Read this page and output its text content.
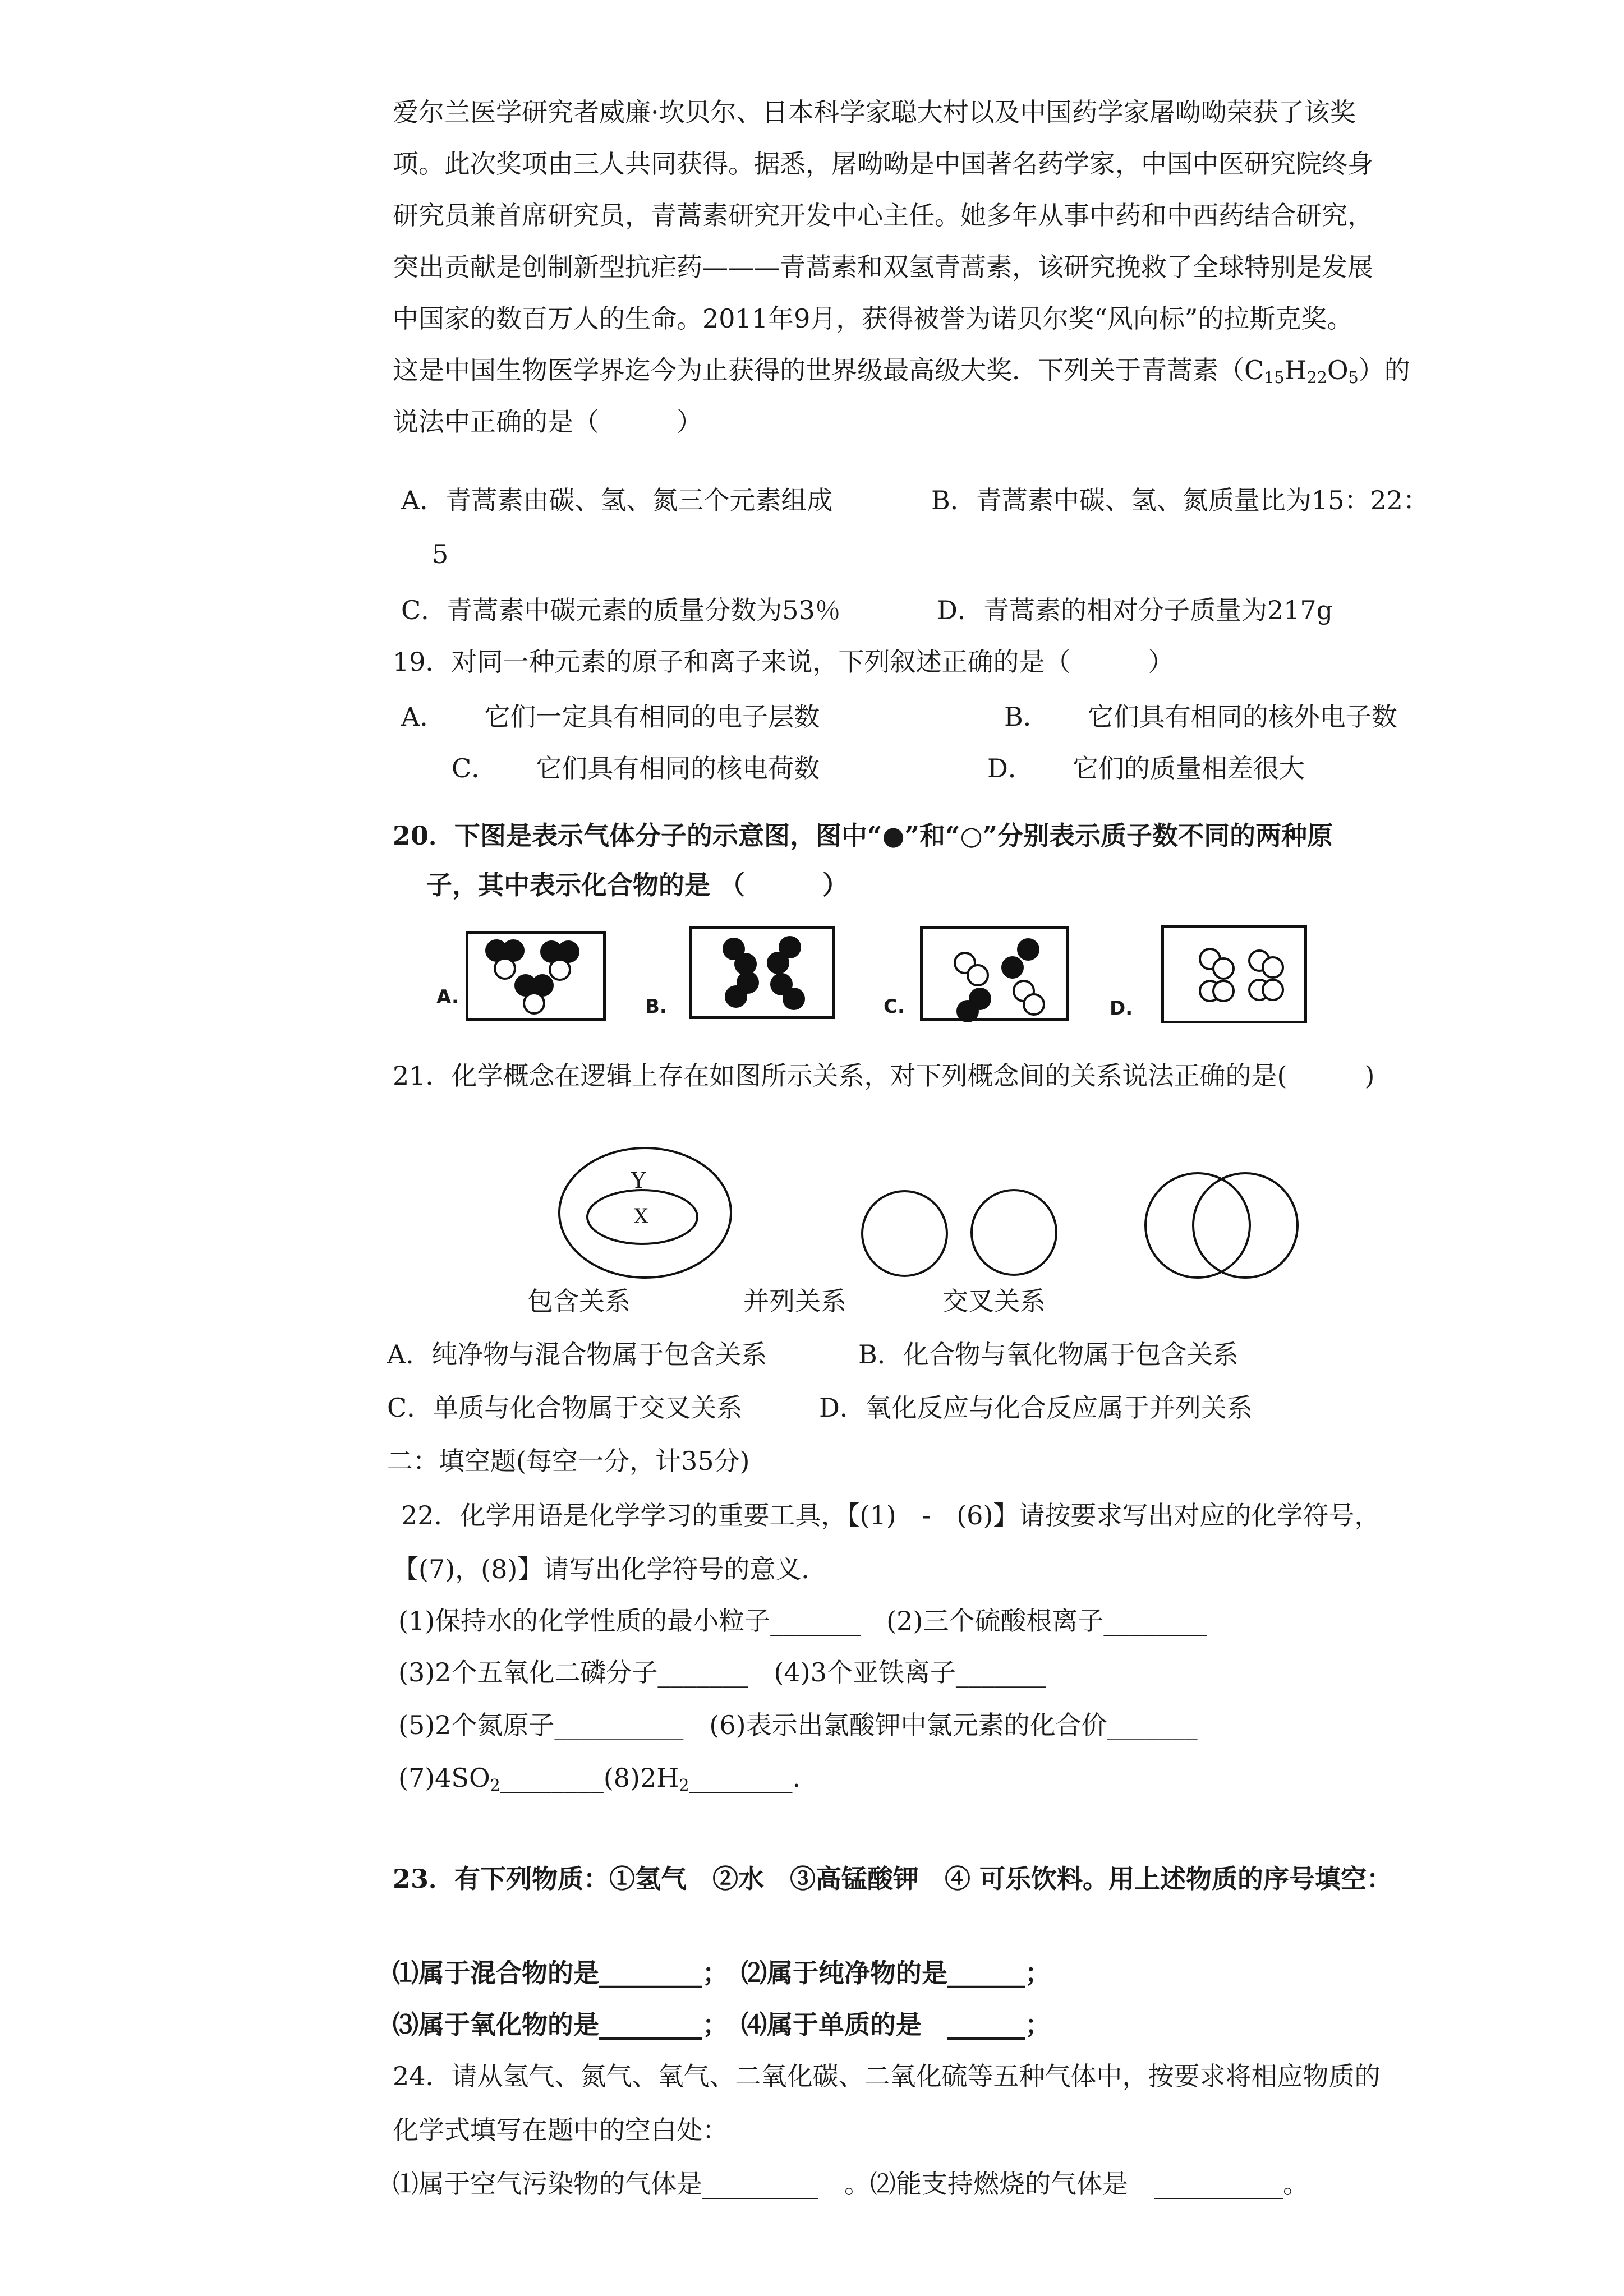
爱尔兰医学研究者威廉·坎贝尔、日本科学家聪大村以及中国药学家屠呦呦荣获了该奖
项。此次奖项由三人共同获得。据悉，屠呦呦是中国著名药学家，中国中医研究院终身
研究员兼首席研究员，青蒿素研究开发中心主任。她多年从事中药和中西药结合研究，
突出贡献是创制新型抗疟药———青蒿素和双氢青蒿素，该研究挽救了全球特别是发展
中国家的数百万人的生命。2011年9月，获得被誉为诺贝尔奖“风向标”的拉斯克奖。
这是中国生物医学界迄今为止获得的世界级最高级大奖．下列关于青蒿素$(C_{15}H_{22}O_5)$的
说法中正确的是（　　　）
A．青蒿素由碳、氢、氮三个元素组成	B．青蒿素中碳、氢、氮质量比为15：22：
5
C．青蒿素中碳元素的质量分数为53％	D．青蒿素的相对分子质量为217g
19．对同一种元素的原子和离子来说，下列叙述正确的是（　　　）
A．　　它们一定具有相同的电子层数	B．　　它们具有相同的核外电子数
C．　　它们具有相同的核电荷数	D．　　它们的质量相差很大
20．下图是表示气体分子的示意图，图中“●”和“○”分别表示质子数不同的两种原
子，其中表示化合物的是 （　　　）
A.	B.	C.	D.
21．化学概念在逻辑上存在如图所示关系，对下列概念间的关系说法正确的是(　　　)
Y
X
包含关系	并列关系	交叉关系
A．纯净物与混合物属于包含关系	B．化合物与氧化物属于包含关系
C．单质与化合物属于交叉关系	D．氧化反应与化合反应属于并列关系
二：填空题(每空一分，计35分)
22．化学用语是化学学习的重要工具，【(1)　-　(6)】请按要求写出对应的化学符号，
【(7)，(8)】请写出化学符号的意义．
(1)保持水的化学性质的最小粒子_______　(2)三个硫酸根离子________
(3)2个五氧化二磷分子_______　(4)3个亚铁离子_______
(5)2个氮原子__________　(6)表示出氯酸钾中氯元素的化合价_______
$(7)4SO_2\_\_\_\_\_\_\_\_(8)2H_2\_\_\_\_\_\_\_\_$.
23．有下列物质：①氢气　②水　③高锰酸钾　④ 可乐饮料。用上述物质的序号填空：
⑴属于混合物的是________；　⑵属于纯净物的是______；
⑶属于氧化物的是________；　⑷属于单质的是　______；
24．请从氢气、氮气、氧气、二氧化碳、二氧化硫等五种气体中，按要求将相应物质的
化学式填写在题中的空白处：
⑴属于空气污染物的气体是_________　。⑵能支持燃烧的气体是　__________。
